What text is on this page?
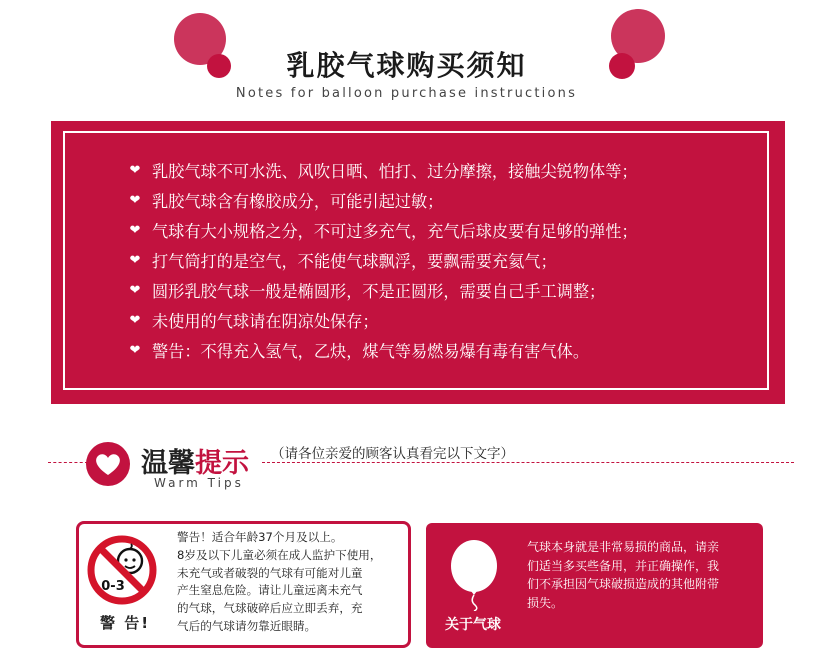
乳胶气球购买须知
Notes for balloon purchase instructions
❤ 乳胶气球不可水洗、风吹日晒、怕打、过分摩擦，接触尖锐物体等；
❤ 乳胶气球含有橡胶成分，可能引起过敏；
❤ 气球有大小规格之分，不可过多充气，充气后球皮要有足够的弹性；
❤ 打气筒打的是空气，不能使气球飘浮，要飘需要充氦气；
❤ 圆形乳胶气球一般是椭圆形，不是正圆形，需要自己手工调整；
❤ 未使用的气球请在阴凉处保存；
❤ 警告：不得充入氢气，乙炔，煤气等易燃易爆有毒有害气体。
温馨提示 （请各位亲爱的顾客认真看完以下文字）
Warm Tips
0-3
警 告!
警告！适合年龄37个月及以上。
8岁及以下儿童必须在成人监护下使用，
未充气或者破裂的气球有可能对儿童
产生窒息危险。请让儿童远离未充气
的气球，气球破碎后应立即丢弃，充
气后的气球请勿靠近眼睛。	关于气球
气球本身就是非常易损的商品，请亲
们适当多买些备用，并正确操作，我
们不承担因气球破损造成的其他附带
损失。
